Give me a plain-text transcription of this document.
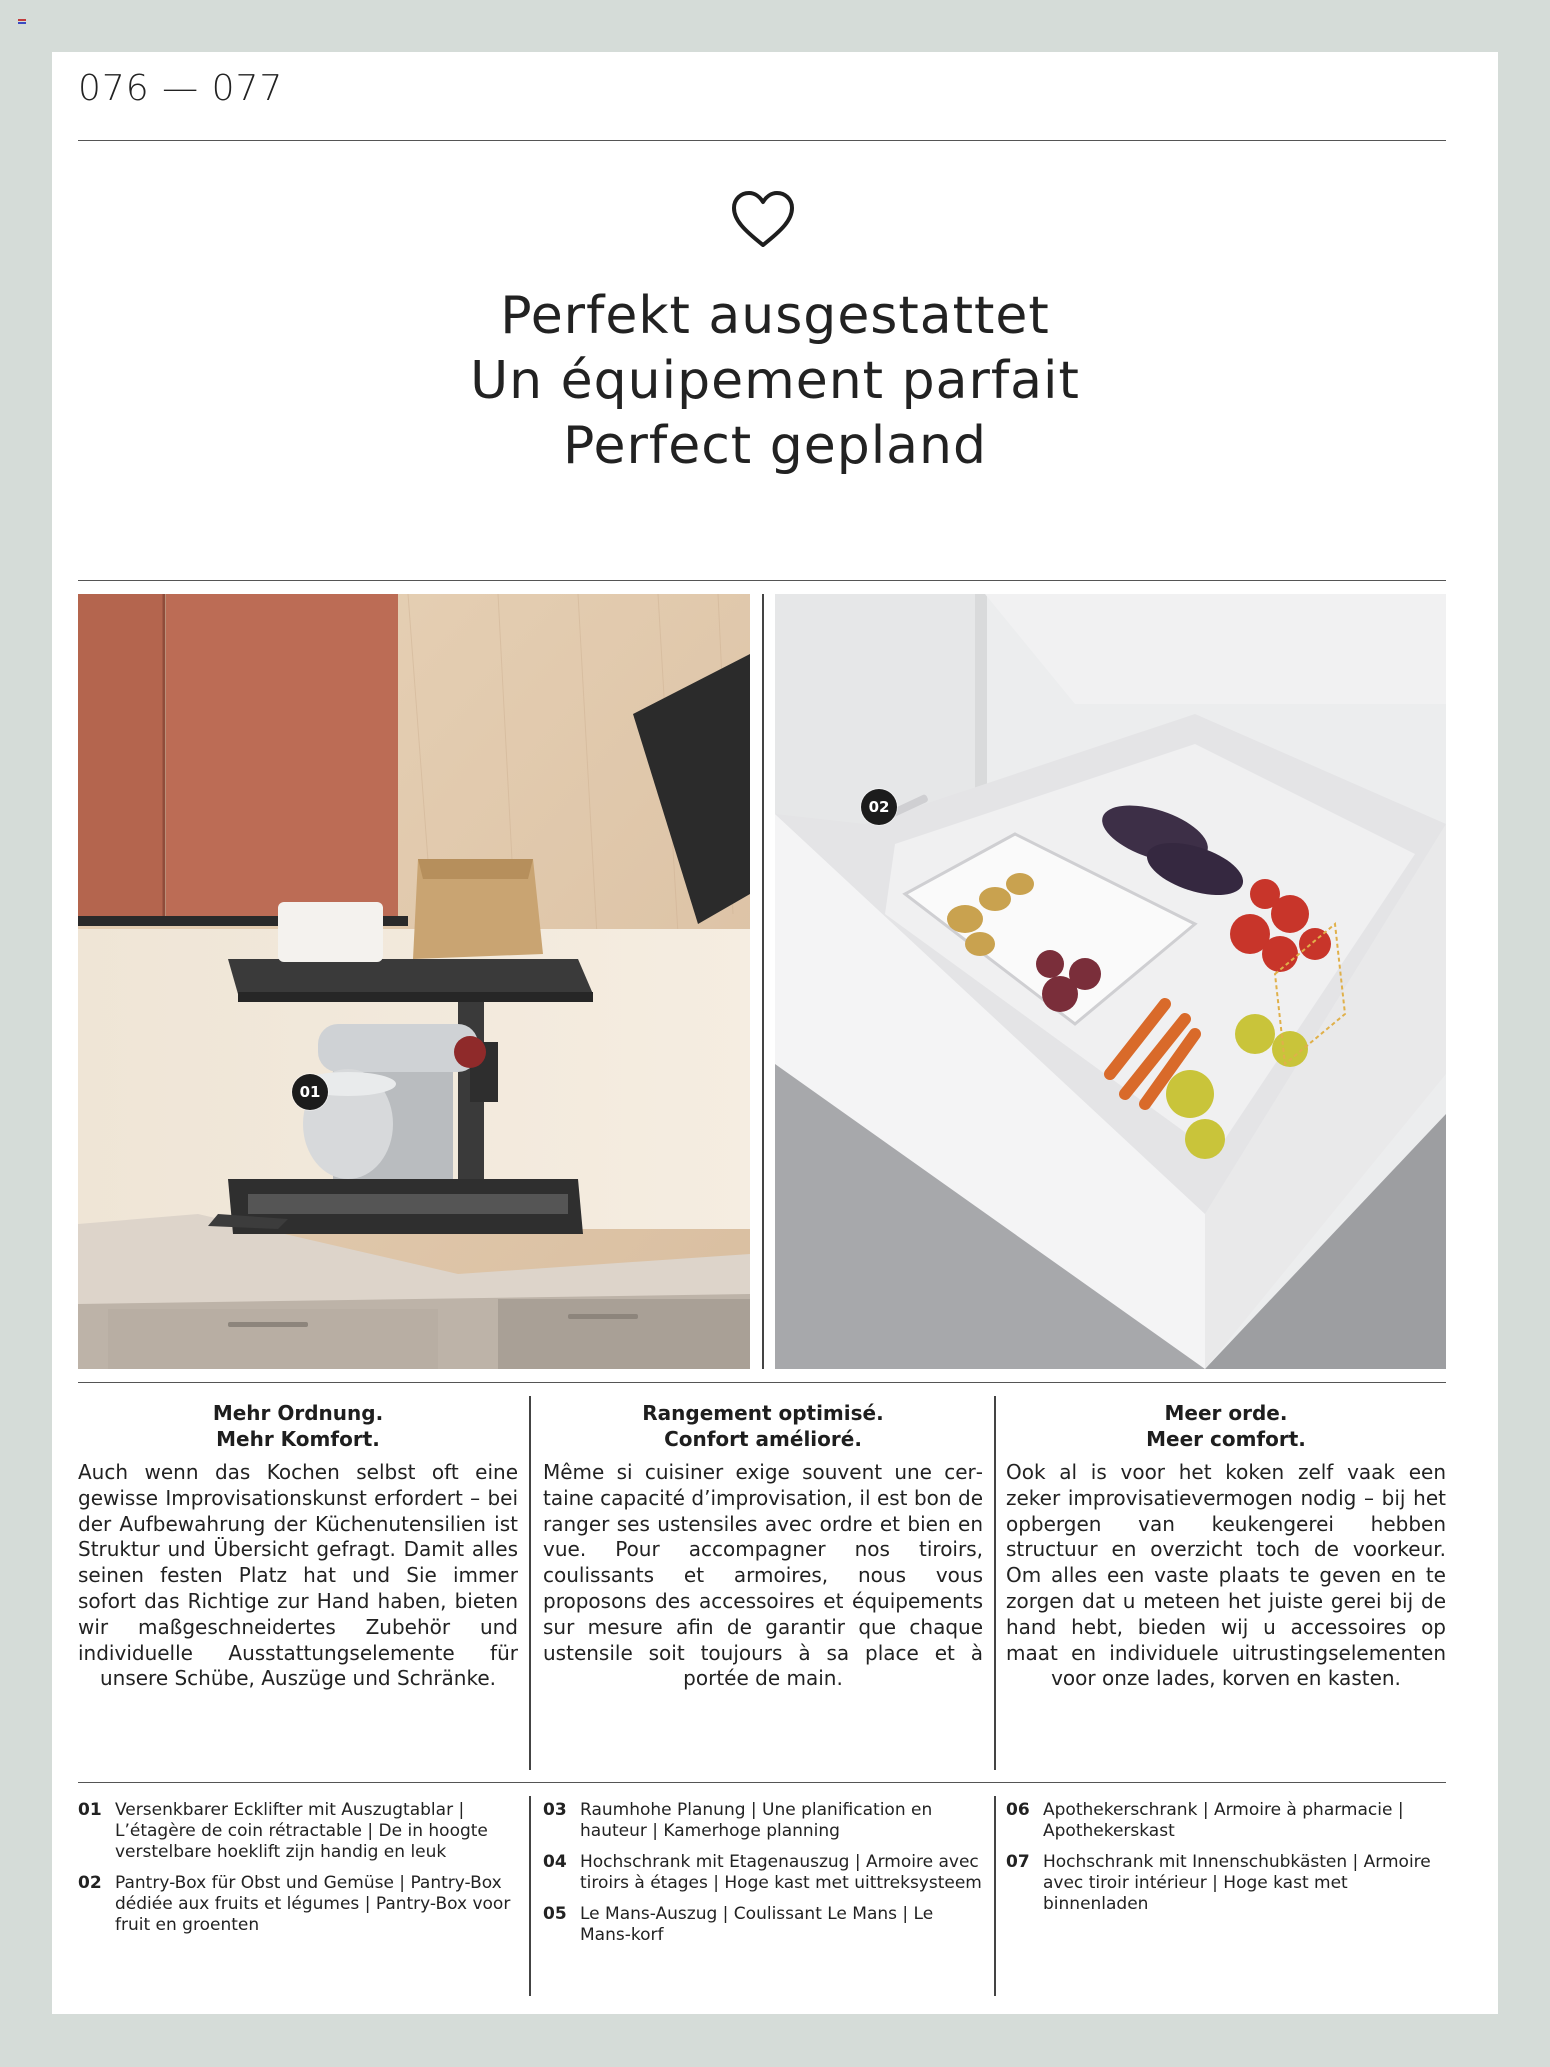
076 — 077
Perfekt ausgestattet
Un équipement parfait
Perfect gepland
01
02
Mehr Ordnung.
Mehr Komfort.

Auch wenn das Kochen selbst oft eine gewisse Improvisationskunst erfordert – bei der Aufbewahrung der Küchenutensilien ist Struktur und Übersicht gefragt. Damit alles seinen festen Platz hat und Sie immer sofort das Richtige zur Hand haben, bieten wir maßgeschneidertes Zubehör und individuelle Ausstattungselemente für unsere Schübe, Auszüge und Schränke.

Rangement optimisé.
Confort amélioré.

Même si cuisiner exige souvent une certaine capacité d’improvisation, il est bon de ranger ses ustensiles avec ordre et bien en vue. Pour accompagner nos tiroirs, coulissants et armoires, nous vous proposons des accessoires et équipements sur mesure afin de garantir que chaque ustensile soit toujours à sa place et à portée de main.

Meer orde.
Meer comfort.

Ook al is voor het koken zelf vaak een zeker improvisatievermogen nodig – bij het opbergen van keukengerei hebben structuur en overzicht toch de voorkeur. Om alles een vaste plaats te geven en te zorgen dat u meteen het juiste gerei bij de hand hebt, bieden wij u accessoires op maat en individuele uitrustingselementen voor onze lades, korven en kasten.

01 Versenkbarer Ecklifter mit Auszugtablar | L’étagère de coin rétractable | De in hoogte verstelbare hoeklift zijn handig en leuk
02 Pantry-Box für Obst und Gemüse | Pantry-Box dédiée aux fruits et légumes | Pantry-Box voor fruit en groenten
03 Raumhohe Planung | Une planification en hauteur | Kamerhoge planning
04 Hochschrank mit Etagenauszug | Armoire avec tiroirs à étages | Hoge kast met uittreksysteem
05 Le Mans-Auszug | Coulissant Le Mans | Le Mans-korf
06 Apothekerschrank | Armoire à pharmacie | Apothekerskast
07 Hochschrank mit Innenschubkästen | Armoire avec tiroir intérieur | Hoge kast met binnenladen
